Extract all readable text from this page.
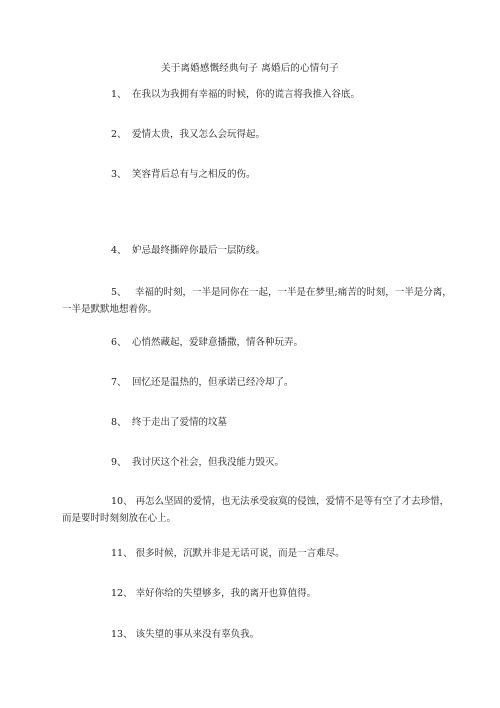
关于离婚感慨经典句子 离婚后的心情句子
1、 在我以为我拥有幸福的时候，你的谎言将我推入谷底。
2、 爱情太贵，我又怎么会玩得起。
3、 笑容背后总有与之相反的伤。
4、 妒忌最终撕碎你最后一层防线。
5、 幸福的时刻，一半是同你在一起，一半是在梦里;痛苦的时刻，一半是分离，
一半是默默地想着你。
6、 心悄然藏起，爱肆意播撒，情各种玩弄。
7、 回忆还是温热的，但承诺已经冷却了。
8、 终于走出了爱情的坟墓
9、 我讨厌这个社会，但我没能力毁灭。
10、 再怎么坚固的爱情，也无法承受寂寞的侵蚀，爱情不是等有空了才去珍惜，
而是要时时刻刻放在心上。
11、 很多时候，沉默并非是无话可说，而是一言难尽。
12、 幸好你给的失望够多，我的离开也算值得。
13、 该失望的事从来没有辜负我。
